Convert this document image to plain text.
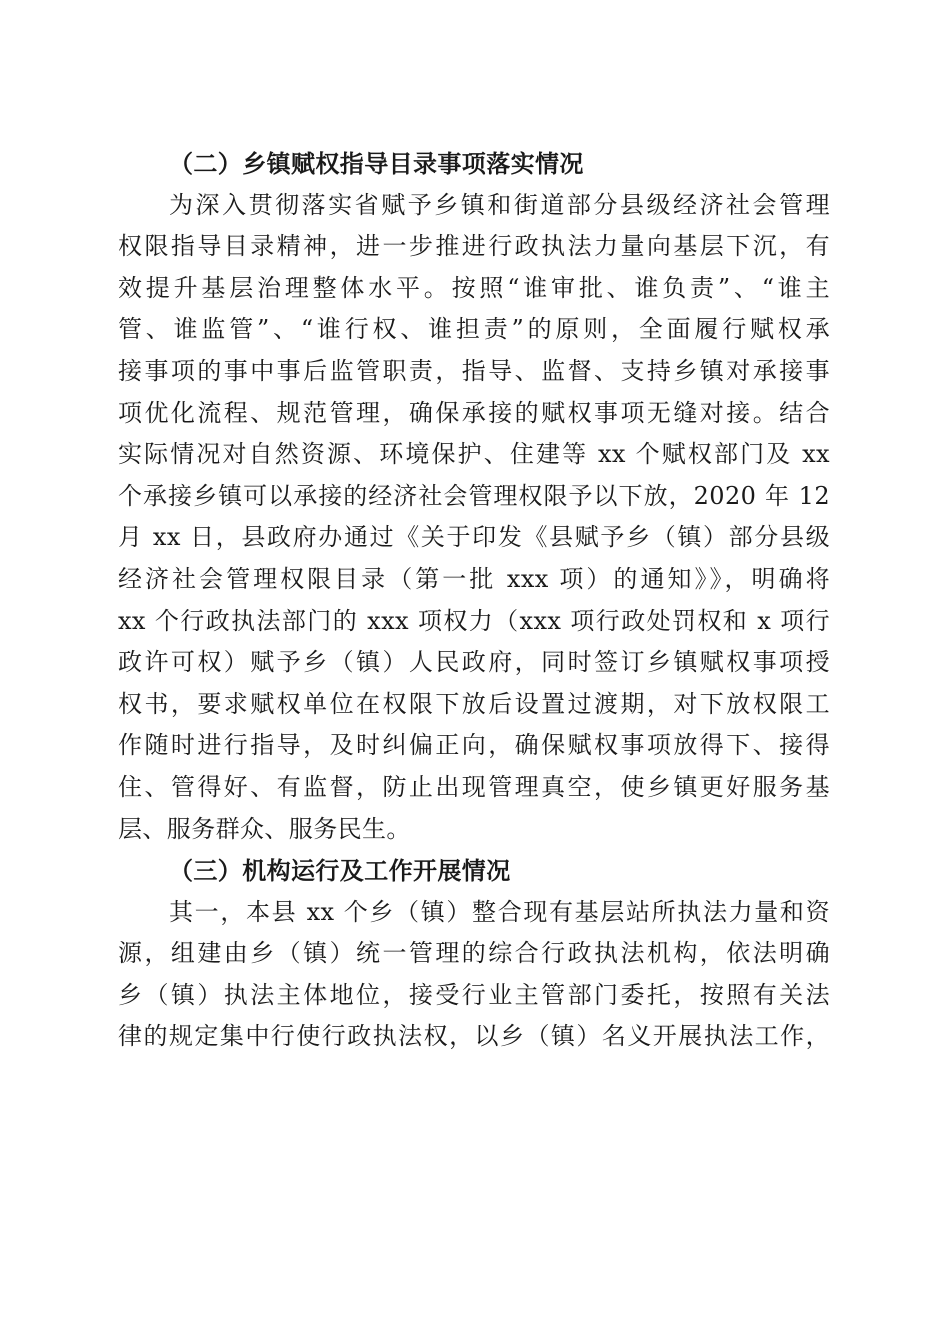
（二）乡镇赋权指导目录事项落实情况
为深入贯彻落实省赋予乡镇和街道部分县级经济社会管理
权限指导目录精神，进一步推进行政执法力量向基层下沉，有
效提升基层治理整体水平。按照“谁审批、谁负责”、“谁主
管、谁监管”、“谁行权、谁担责”的原则，全面履行赋权承
接事项的事中事后监管职责，指导、监督、支持乡镇对承接事
项优化流程、规范管理，确保承接的赋权事项无缝对接。结合
实际情况对自然资源、环境保护、住建等 xx 个赋权部门及 xx
个承接乡镇可以承接的经济社会管理权限予以下放，2020 年 12
月 xx 日，县政府办通过《关于印发《县赋予乡（镇）部分县级
经济社会管理权限目录（第一批 xxx 项）的通知》》，明确将
xx 个行政执法部门的 xxx 项权力（xxx 项行政处罚权和 x 项行
政许可权）赋予乡（镇）人民政府，同时签订乡镇赋权事项授
权书，要求赋权单位在权限下放后设置过渡期，对下放权限工
作随时进行指导，及时纠偏正向，确保赋权事项放得下、接得
住、管得好、有监督，防止出现管理真空，使乡镇更好服务基
层、服务群众、服务民生。
（三）机构运行及工作开展情况
其一，本县 xx 个乡（镇）整合现有基层站所执法力量和资
源，组建由乡（镇）统一管理的综合行政执法机构，依法明确
乡（镇）执法主体地位，接受行业主管部门委托，按照有关法
律的规定集中行使行政执法权，以乡（镇）名义开展执法工作，
